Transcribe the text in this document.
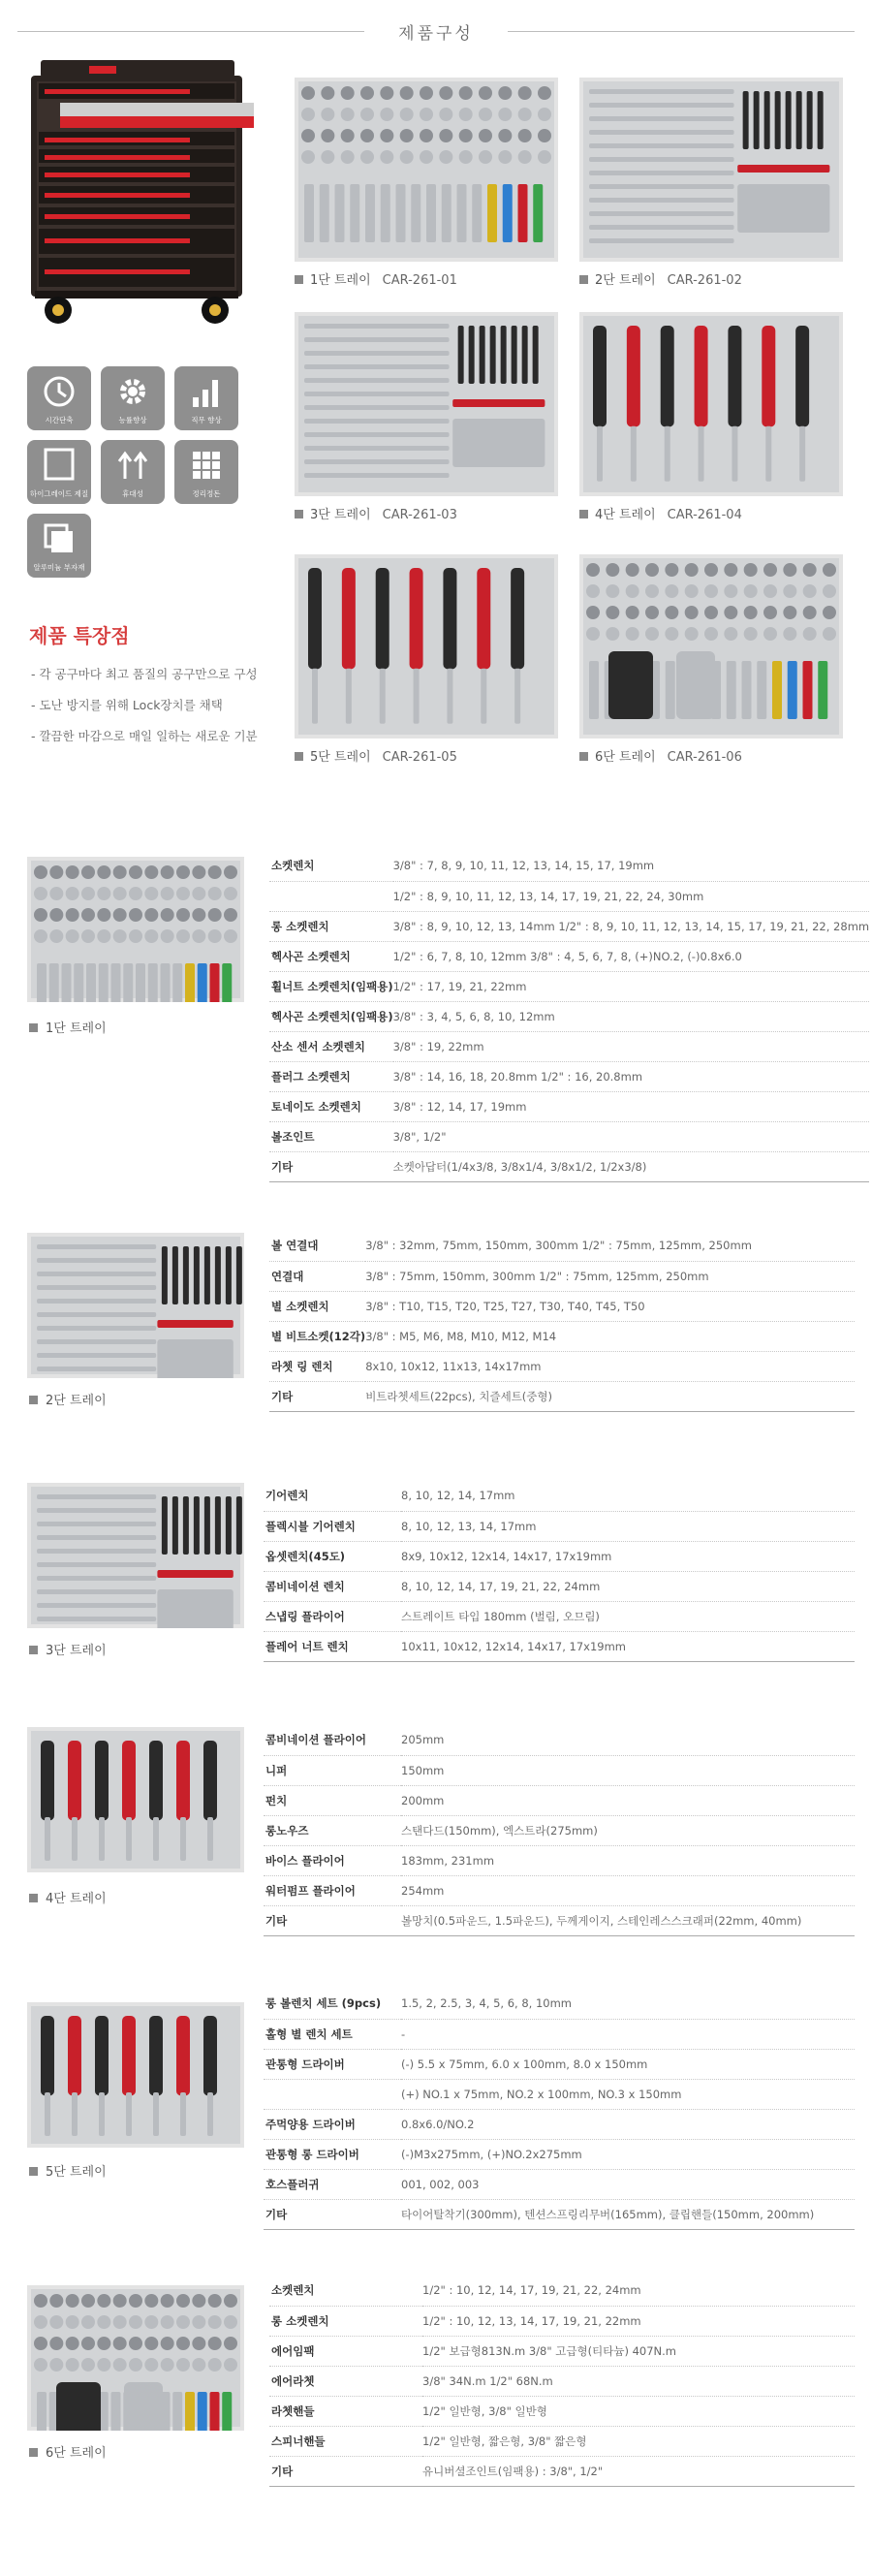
제품구성
시간단축	능률향상	직무 향상
하이그레이드 제질	휴대성	정리정돈
알루미늄 부자재
제품 특장점
- 각 공구마다 최고 품질의 공구만으로 구성
- 도난 방지를 위해 Lock장치를 채택
- 깔끔한 마감으로 매일 일하는 새로운 기분
1단 트레이 CAR-261-01	2단 트레이 CAR-261-02
3단 트레이 CAR-261-03	4단 트레이 CAR-261-04
5단 트레이 CAR-261-05	6단 트레이 CAR-261-06
1단 트레이
소켓렌치	3/8" : 7, 8, 9, 10, 11, 12, 13, 14, 15, 17, 19mm
	1/2" : 8, 9, 10, 11, 12, 13, 14, 17, 19, 21, 22, 24, 30mm
롱 소켓렌치	3/8" : 8, 9, 10, 12, 13, 14mm 1/2" : 8, 9, 10, 11, 12, 13, 14, 15, 17, 19, 21, 22, 28mm
헥사곤 소켓렌치	1/2" : 6, 7, 8, 10, 12mm 3/8" : 4, 5, 6, 7, 8, (+)NO.2, (-)0.8x6.0
휠너트 소켓렌치(임팩용)	1/2" : 17, 19, 21, 22mm
헥사곤 소켓렌치(임팩용)	3/8" : 3, 4, 5, 6, 8, 10, 12mm
산소 센서 소켓렌치	3/8" : 19, 22mm
플러그 소켓렌치	3/8" : 14, 16, 18, 20.8mm 1/2" : 16, 20.8mm
토네이도 소켓렌치	3/8" : 12, 14, 17, 19mm
볼조인트	3/8", 1/2"
기타	소켓아답터(1/4x3/8, 3/8x1/4, 3/8x1/2, 1/2x3/8)
2단 트레이
볼 연결대	3/8" : 32mm, 75mm, 150mm, 300mm 1/2" : 75mm, 125mm, 250mm
연결대	3/8" : 75mm, 150mm, 300mm 1/2" : 75mm, 125mm, 250mm
별 소켓렌치	3/8" : T10, T15, T20, T25, T27, T30, T40, T45, T50
별 비트소켓(12각)	3/8" : M5, M6, M8, M10, M12, M14
라쳇 링 렌치	8x10, 10x12, 11x13, 14x17mm
기타	비트라쳇세트(22pcs), 치즐세트(중형)
3단 트레이
기어렌치	8, 10, 12, 14, 17mm
플렉시블 기어렌치	8, 10, 12, 13, 14, 17mm
옵셋렌치(45도)	8x9, 10x12, 12x14, 14x17, 17x19mm
콤비네이션 렌치	8, 10, 12, 14, 17, 19, 21, 22, 24mm
스냅링 플라이어	스트레이트 타입 180mm (벌림, 오므림)
플레어 너트 렌치	10x11, 10x12, 12x14, 14x17, 17x19mm
4단 트레이
콤비네이션 플라이어	205mm
니퍼	150mm
펀치	200mm
롱노우즈	스탠다드(150mm), 엑스트라(275mm)
바이스 플라이어	183mm, 231mm
워터펌프 플라이어	254mm
기타	볼망치(0.5파운드, 1.5파운드), 두께게이지, 스테인레스스크래퍼(22mm, 40mm)
5단 트레이
롱 볼렌치 세트 (9pcs)	1.5, 2, 2.5, 3, 4, 5, 6, 8, 10mm
홀형 별 렌치 세트	-
관통형 드라이버	(-) 5.5 x 75mm, 6.0 x 100mm, 8.0 x 150mm
	(+) NO.1 x 75mm, NO.2 x 100mm, NO.3 x 150mm
주먹양용 드라이버	0.8x6.0/NO.2
관통형 롱 드라이버	(-)M3x275mm, (+)NO.2x275mm
호스플러귀	001, 002, 003
기타	타이어탈착기(300mm), 텐션스프링리무버(165mm), 클립핸들(150mm, 200mm)
6단 트레이
소켓렌치	1/2" : 10, 12, 14, 17, 19, 21, 22, 24mm
롱 소켓렌치	1/2" : 10, 12, 13, 14, 17, 19, 21, 22mm
에어임팩	1/2" 보급형813N.m 3/8" 고급형(티타늄) 407N.m
에어라쳇	3/8" 34N.m 1/2" 68N.m
라쳇핸들	1/2" 일반형, 3/8" 일반형
스피너핸들	1/2" 일반형, 짧은형, 3/8" 짧은형
기타	유니버셜조인트(임팩용) : 3/8", 1/2"
